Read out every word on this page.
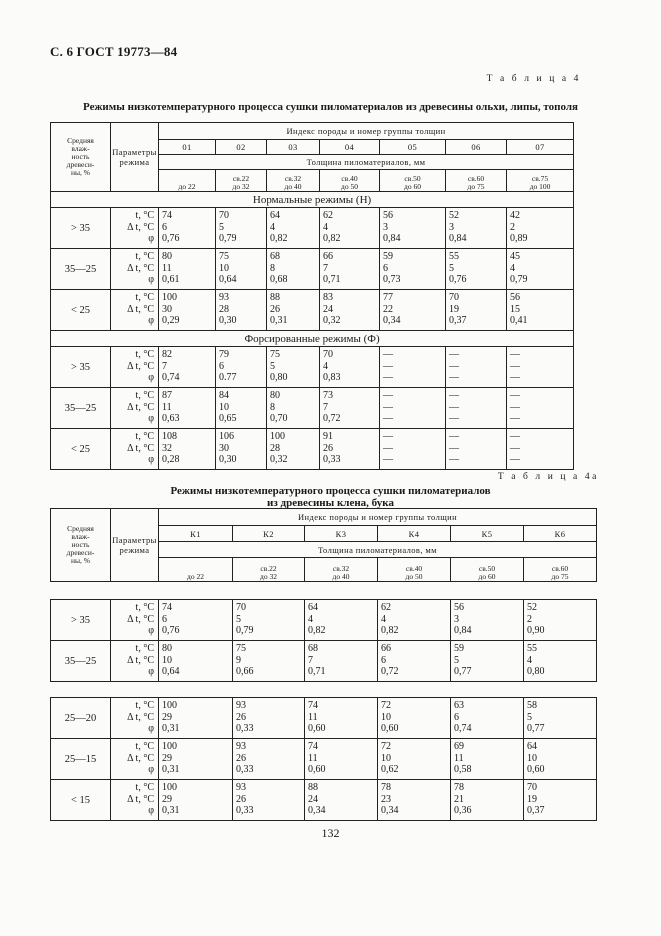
С. 6 ГОСТ 19773—84
Т а б л и ц а 4
Режимы низкотемпературного процесса сушки пиломатериалов из древесины ольхи, липы, тополя
Средняя
влаж-
ность
древеси-
ны, %	Параметры
режима	Индекс породы и номер группы толщин						
		01	02	03	04	05	06	07
		Толщина пиломатериалов, мм						

		до 22	св.22
до 32	св.32
до 40	св.40
до 50	св.50
до 60	св.60
до 75	св.75
до 100

Нормальные режимы (Н)								
> 35	t, °C
Δ t, °C
φ	74
6
0,76	70
5
0,79	64
4
0,82	62
4
0,82	56
3
0,84	52
3
0,84	42
2
0,89

35—25	t, °C
Δ t, °C
φ	80
11
0,61	75
10
0,64	68
8
0,68	66
7
0,71	59
6
0,73	55
5
0,76	45
4
0,79

< 25	t, °C
Δ t, °C
φ	100
30
0,29	93
28
0,30	88
26
0,31	83
24
0,32	77
22
0,34	70
19
0,37	56
15
0,41

Форсированные режимы (Ф)								
> 35	t, °C
Δ t, °C
φ	82
7
0,74	79
6
0.77	75
5
0,80	70
4
0,83	—
—
—	—
—
—	—
—
—

35—25	t, °C
Δ t, °C
φ	87
11
0,63	84
10
0,65	80
8
0,70	73
7
0,72	—
—
—	—
—
—	—
—
—

< 25	t, °C
Δ t, °C
φ	108
32
0,28	106
30
0,30	100
28
0,32	91
26
0,33	—
—
—	—
—
—	—
—
—
Т а б л и ц а 4а
Режимы низкотемпературного процесса сушки пиломатериалов
из древесины клена, бука
Средняя
влаж-
ность
древеси-
ны, %	Параметры
режима	Индекс породы и номер группы толщин					
		К1	К2	К3	К4	К5	К6
		Толщина пиломатериалов, мм					

		до 22	св.22
до 32	св.32
до 40	св.40
до 50	св.50
до 60	св.60
до 75

> 35	t, °C
Δ t, °C
φ	74
6
0,76	70
5
0,79	64
4
0,82	62
4
0,82	56
3
0,84	52
2
0,90

35—25	t, °C
Δ t, °C
φ	80
10
0,64	75
9
0,66	68
7
0,71	66
6
0,72	59
5
0,77	55
4
0,80

25—20	t, °C
Δ t, °C
φ	100
29
0,31	93
26
0,33	74
11
0,60	72
10
0,60	63
6
0,74	58
5
0,77

25—15	t, °C
Δ t, °C
φ	100
29
0,31	93
26
0,33	74
11
0,60	72
10
0,62	69
11
0,58	64
10
0,60

< 15	t, °C
Δ t, °C
φ	100
29
0,31	93
26
0,33	88
24
0,34	78
23
0,34	78
21
0,36	70
19
0,37
132
